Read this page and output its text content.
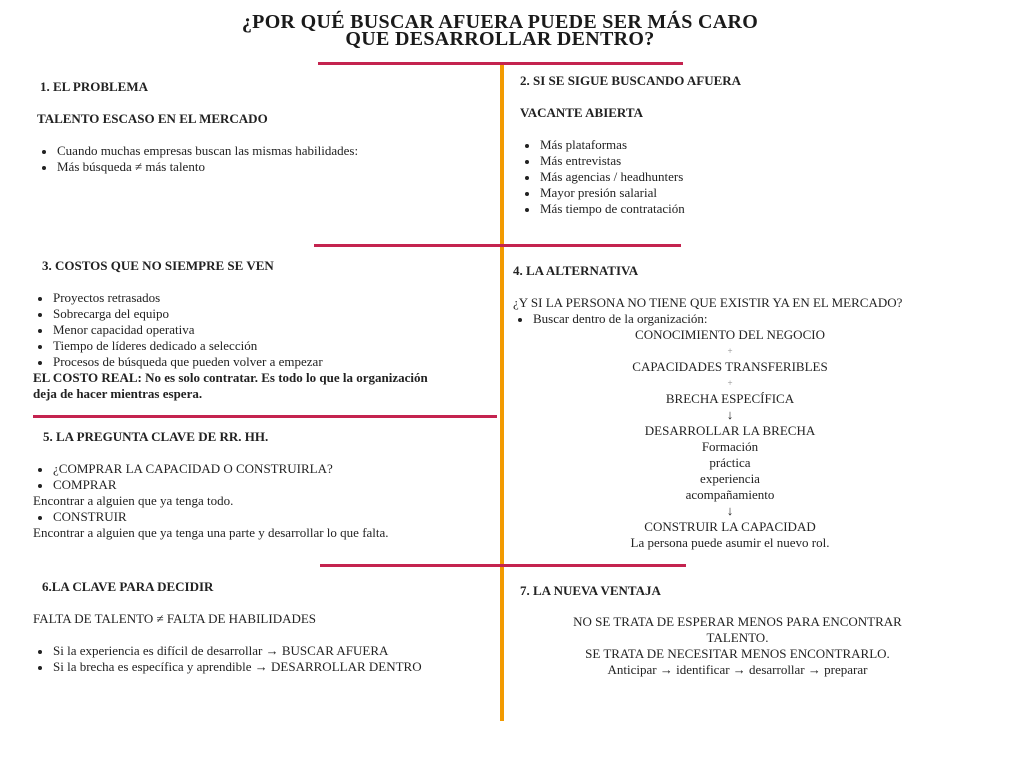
¿POR QUÉ BUSCAR AFUERA PUEDE SER MÁS CARO
QUE DESARROLLAR DENTRO?
1. EL PROBLEMA
TALENTO ESCASO EN EL MERCADO
Cuando muchas empresas buscan las mismas habilidades:
Más búsqueda ≠ más talento
2. SI SE SIGUE BUSCANDO AFUERA
VACANTE ABIERTA
Más plataformas
Más entrevistas
Más agencias / headhunters
Mayor presión salarial
Más tiempo de contratación
3. COSTOS QUE NO SIEMPRE SE VEN
Proyectos retrasados
Sobrecarga del equipo
Menor capacidad operativa
Tiempo de líderes dedicado a selección
Procesos de búsqueda que pueden volver a empezar
EL COSTO REAL: No es solo contratar. Es todo lo que la organización
deja de hacer mientras espera.
4. LA ALTERNATIVA
¿Y SI LA PERSONA NO TIENE QUE EXISTIR YA EN EL MERCADO?
Buscar dentro de la organización:
CONOCIMIENTO DEL NEGOCIO
+
CAPACIDADES TRANSFERIBLES
+
BRECHA ESPECÍFICA
↓
DESARROLLAR LA BRECHA
Formación
práctica
experiencia
acompañamiento
↓
CONSTRUIR LA CAPACIDAD
La persona puede asumir el nuevo rol.
5. LA PREGUNTA CLAVE DE RR. HH.
¿COMPRAR LA CAPACIDAD O CONSTRUIRLA?
COMPRAR
Encontrar a alguien que ya tenga todo.
CONSTRUIR
Encontrar a alguien que ya tenga una parte y desarrollar lo que falta.
6.LA CLAVE PARA DECIDIR
FALTA DE TALENTO ≠ FALTA DE HABILIDADES
Si la experiencia es difícil de desarrollar → BUSCAR AFUERA
Si la brecha es específica y aprendible → DESARROLLAR DENTRO
7. LA NUEVA VENTAJA
NO SE TRATA DE ESPERAR MENOS PARA ENCONTRAR
TALENTO.
SE TRATA DE NECESITAR MENOS ENCONTRARLO.
Anticipar → identificar → desarrollar → preparar
